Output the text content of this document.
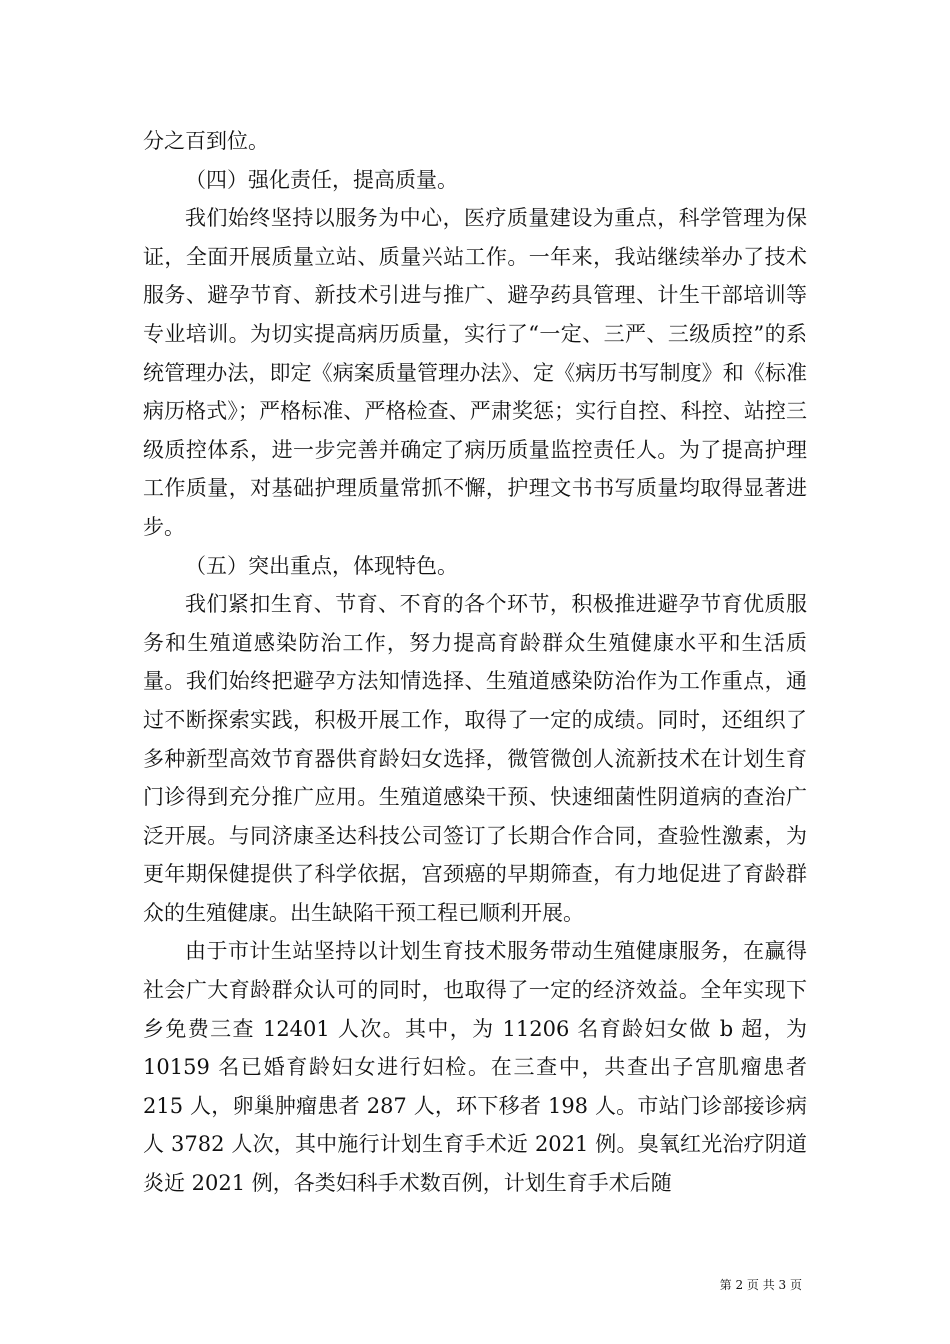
分之百到位。

（四）强化责任，提高质量。

我们始终坚持以服务为中心，医疗质量建设为重点，科学管理为保证，全面开展质量立站、质量兴站工作。一年来，我站继续举办了技术服务、避孕节育、新技术引进与推广、避孕药具管理、计生干部培训等专业培训。为切实提高病历质量，实行了“一定、三严、三级质控”的系统管理办法，即定《病案质量管理办法》、定《病历书写制度》和《标准病历格式》；严格标准、严格检查、严肃奖惩；实行自控、科控、站控三级质控体系，进一步完善并确定了病历质量监控责任人。为了提高护理工作质量，对基础护理质量常抓不懈，护理文书书写质量均取得显著进步。

（五）突出重点，体现特色。

我们紧扣生育、节育、不育的各个环节，积极推进避孕节育优质服务和生殖道感染防治工作，努力提高育龄群众生殖健康水平和生活质量。我们始终把避孕方法知情选择、生殖道感染防治作为工作重点，通过不断探索实践，积极开展工作，取得了一定的成绩。同时，还组织了多种新型高效节育器供育龄妇女选择，微管微创人流新技术在计划生育门诊得到充分推广应用。生殖道感染干预、快速细菌性阴道病的查治广泛开展。与同济康圣达科技公司签订了长期合作合同，查验性激素，为更年期保健提供了科学依据，宫颈癌的早期筛查，有力地促进了育龄群众的生殖健康。出生缺陷干预工程已顺利开展。

由于市计生站坚持以计划生育技术服务带动生殖健康服务，在赢得社会广大育龄群众认可的同时，也取得了一定的经济效益。全年实现下乡免费三查 12401 人次。其中，为 11206 名育龄妇女做 b 超，为 10159 名已婚育龄妇女进行妇检。在三查中，共查出子宫肌瘤患者 215 人，卵巢肿瘤患者 287 人，环下移者 198 人。市站门诊部接诊病人 3782 人次，其中施行计划生育手术近 2021 例。臭氧红光治疗阴道炎近 2021 例，各类妇科手术数百例，计划生育手术后随

第 2 页 共 3 页
